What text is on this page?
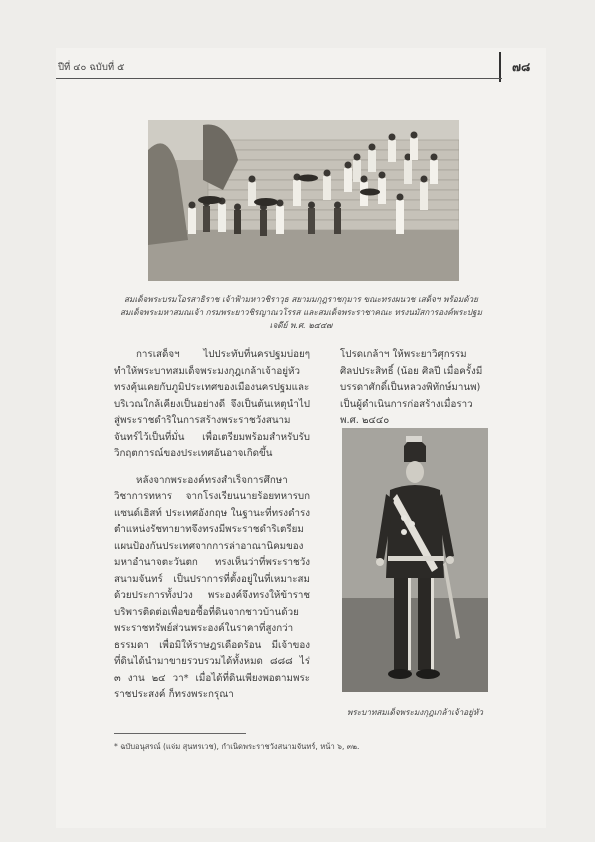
ปีที่ ๔๐ ฉบับที่ ๕	๗๘
สมเด็จพระบรมโอรสาธิราช เจ้าฟ้ามหาวชิราวุธ สยามมกุฎราชกุมาร ขณะทรงผนวช เสด็จฯ พร้อมด้วย สมเด็จพระมหาสมณเจ้า กรมพระยาวชิรญาณวโรรส และสมเด็จพระราชาคณะ ทรงนมัสการองค์พระปฐมเจดีย์ พ.ศ. ๒๔๔๗

การเสด็จฯ ไปประทับที่นครปฐมบ่อยๆ ทำให้พระบาทสมเด็จพระมงกุฎเกล้าเจ้าอยู่หัว ทรงคุ้นเคยกับภูมิประเทศของเมืองนครปฐมและบริเวณใกล้เคียงเป็นอย่างดี จึงเป็นต้นเหตุนำไปสู่พระราชดำริในการสร้างพระราชวังสนามจันทร์ไว้เป็นที่มั่น เพื่อเตรียมพร้อมสำหรับรับวิกฤตการณ์ของประเทศอันอาจเกิดขึ้น

หลังจากพระองค์ทรงสำเร็จการศึกษาวิชาการทหาร จากโรงเรียนนายร้อยทหารบกแซนด์เฮิสท์ ประเทศอังกฤษ ในฐานะที่ทรงดำรงตำแหน่งรัชทายาทจึงทรงมีพระราชดำริเตรียมแผนป้องกันประเทศจากการล่าอาณานิคมของมหาอำนาจตะวันตก ทรงเห็นว่าที่พระราชวังสนามจันทร์ เป็นปราการที่ตั้งอยู่ในที่เหมาะสมด้วยประการทั้งปวง พระองค์จึงทรงให้ข้าราชบริพารติดต่อเพื่อขอซื้อที่ดินจากชาวบ้านด้วยพระราชทรัพย์ส่วนพระองค์ในราคาที่สูงกว่าธรรมดา เพื่อมิให้ราษฎรเดือดร้อน มีเจ้าของที่ดินได้นำมาขายรวบรวมได้ทั้งหมด ๘๘๘ ไร่ ๓ งาน ๒๔ วา* เมื่อได้ที่ดินเพียงพอตามพระราชประสงค์ ก็ทรงพระกรุณา

โปรดเกล้าฯ ให้พระยาวิศุกรรม ศิลปประสิทธิ์ (น้อย ศิลปี เมื่อครั้งมีบรรดาศักดิ์เป็นหลวงพิทักษ์มานพ) เป็นผู้ดำเนินการก่อสร้างเมื่อราว พ.ศ. ๒๔๔๐

พระบาทสมเด็จพระมงกุฎเกล้าเจ้าอยู่หัว
* ฉบับอนุสรณ์ (แจ่ม สุนทรเวช), กำเนิดพระราชวังสนามจันทร์, หน้า ๖, ๓๒.
